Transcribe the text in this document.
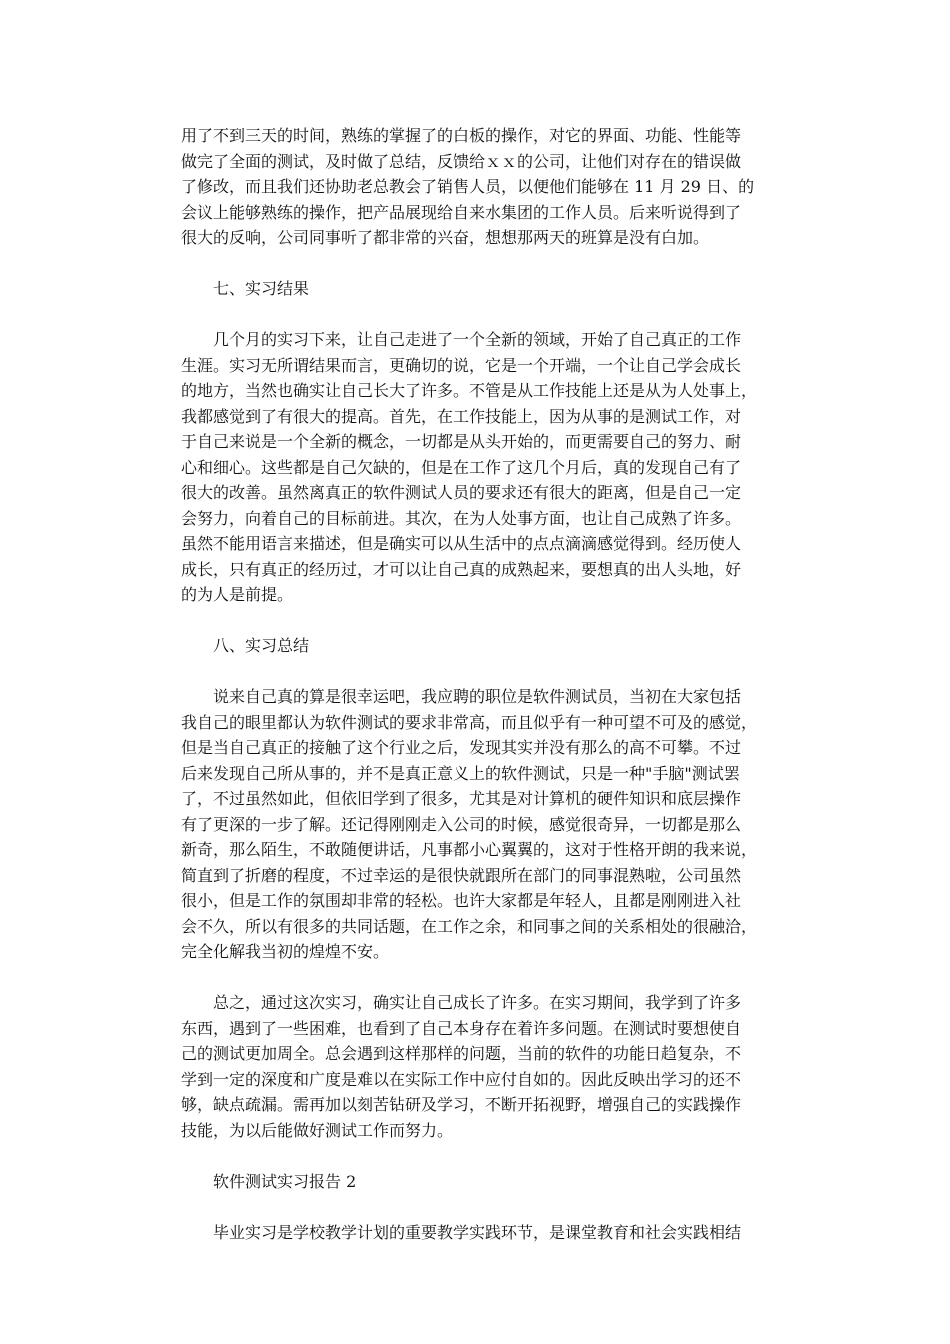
用了不到三天的时间，熟练的掌握了的白板的操作，对它的界面、功能、性能等
做完了全面的测试，及时做了总结，反馈给ｘｘ的公司，让他们对存在的错误做
了修改，而且我们还协助老总教会了销售人员，以便他们能够在 11 月 29 日、的
会议上能够熟练的操作，把产品展现给自来水集团的工作人员。后来听说得到了
很大的反响，公司同事听了都非常的兴奋，想想那两天的班算是没有白加。
七、实习结果
几个月的实习下来，让自己走进了一个全新的领域，开始了自己真正的工作
生涯。实习无所谓结果而言，更确切的说，它是一个开端，一个让自己学会成长
的地方，当然也确实让自己长大了许多。不管是从工作技能上还是从为人处事上，
我都感觉到了有很大的提高。首先，在工作技能上，因为从事的是测试工作，对
于自己来说是一个全新的概念，一切都是从头开始的，而更需要自己的努力、耐
心和细心。这些都是自己欠缺的，但是在工作了这几个月后，真的发现自己有了
很大的改善。虽然离真正的软件测试人员的要求还有很大的距离，但是自己一定
会努力，向着自己的目标前进。其次，在为人处事方面，也让自己成熟了许多。
虽然不能用语言来描述，但是确实可以从生活中的点点滴滴感觉得到。经历使人
成长，只有真正的经历过，才可以让自己真的成熟起来，要想真的出人头地，好
的为人是前提。
八、实习总结
说来自己真的算是很幸运吧，我应聘的职位是软件测试员，当初在大家包括
我自己的眼里都认为软件测试的要求非常高，而且似乎有一种可望不可及的感觉，
但是当自己真正的接触了这个行业之后，发现其实并没有那么的高不可攀。不过
后来发现自己所从事的，并不是真正意义上的软件测试，只是一种"手脑"测试罢
了，不过虽然如此，但依旧学到了很多，尤其是对计算机的硬件知识和底层操作
有了更深的一步了解。还记得刚刚走入公司的时候，感觉很奇异，一切都是那么
新奇，那么陌生，不敢随便讲话，凡事都小心翼翼的，这对于性格开朗的我来说，
简直到了折磨的程度，不过幸运的是很快就跟所在部门的同事混熟啦，公司虽然
很小，但是工作的氛围却非常的轻松。也许大家都是年轻人，且都是刚刚进入社
会不久，所以有很多的共同话题，在工作之余，和同事之间的关系相处的很融洽，
完全化解我当初的煌煌不安。
总之，通过这次实习，确实让自己成长了许多。在实习期间，我学到了许多
东西，遇到了一些困难，也看到了自己本身存在着许多问题。在测试时要想使自
己的测试更加周全。总会遇到这样那样的问题，当前的软件的功能日趋复杂，不
学到一定的深度和广度是难以在实际工作中应付自如的。因此反映出学习的还不
够，缺点疏漏。需再加以刻苦钻研及学习，不断开拓视野，增强自己的实践操作
技能，为以后能做好测试工作而努力。
软件测试实习报告 2
毕业实习是学校教学计划的重要教学实践环节，是课堂教育和社会实践相结
